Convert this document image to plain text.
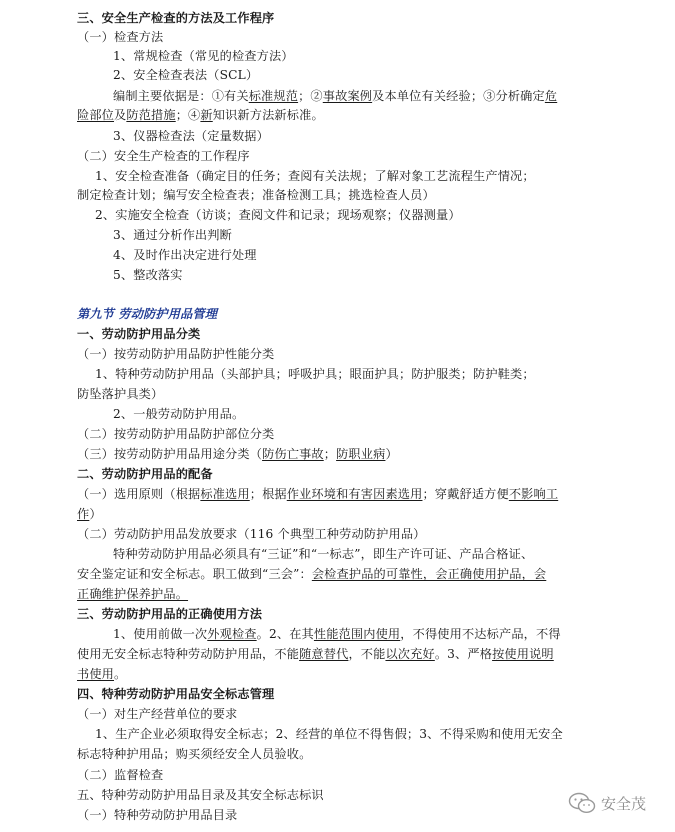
三、安全生产检查的方法及工作程序
（一）检查方法
1、常规检查（常见的检查方法）
2、安全检查表法（SCL）
编制主要依据是：①有关标准规范；②事故案例及本单位有关经验；③分析确定危
险部位及防范措施；④新知识新方法新标准。
3、仪器检查法（定量数据）
（二）安全生产检查的工作程序
1、安全检查准备（确定目的任务；查阅有关法规；了解对象工艺流程生产情况；
制定检查计划；编写安全检查表；准备检测工具；挑选检查人员）
2、实施安全检查（访谈；查阅文件和记录；现场观察；仪器测量）
3、通过分析作出判断
4、及时作出决定进行处理
5、整改落实
第九节 劳动防护用品管理
一、劳动防护用品分类
（一）按劳动防护用品防护性能分类
1、特种劳动防护用品（头部护具；呼吸护具；眼面护具；防护服类；防护鞋类；
防坠落护具类）
2、一般劳动防护用品。
（二）按劳动防护用品防护部位分类
（三）按劳动防护用品用途分类（防伤亡事故；防职业病）
二、劳动防护用品的配备
（一）选用原则（根据标准选用；根据作业环境和有害因素选用；穿戴舒适方便不影响工
作）
（二）劳动防护用品发放要求（116 个典型工种劳动防护用品）
特种劳动防护用品必须具有“三证”和“一标志”，即生产许可证、产品合格证、
安全鉴定证和安全标志。职工做到“三会”：会检查护品的可靠性，会正确使用护品，会
正确维护保养护品。
三、劳动防护用品的正确使用方法
1、使用前做一次外观检查。2、在其性能范围内使用，不得使用不达标产品，不得
使用无安全标志特种劳动防护用品，不能随意替代，不能以次充好。3、严格按使用说明
书使用。
四、特种劳动防护用品安全标志管理
（一）对生产经营单位的要求
1、生产企业必须取得安全标志；2、经营的单位不得售假；3、不得采购和使用无安全
标志特种护用品；购买须经安全人员验收。
（二）监督检查
五、特种劳动防护用品目录及其安全标志标识
（一）特种劳动防护用品目录
安全茂
